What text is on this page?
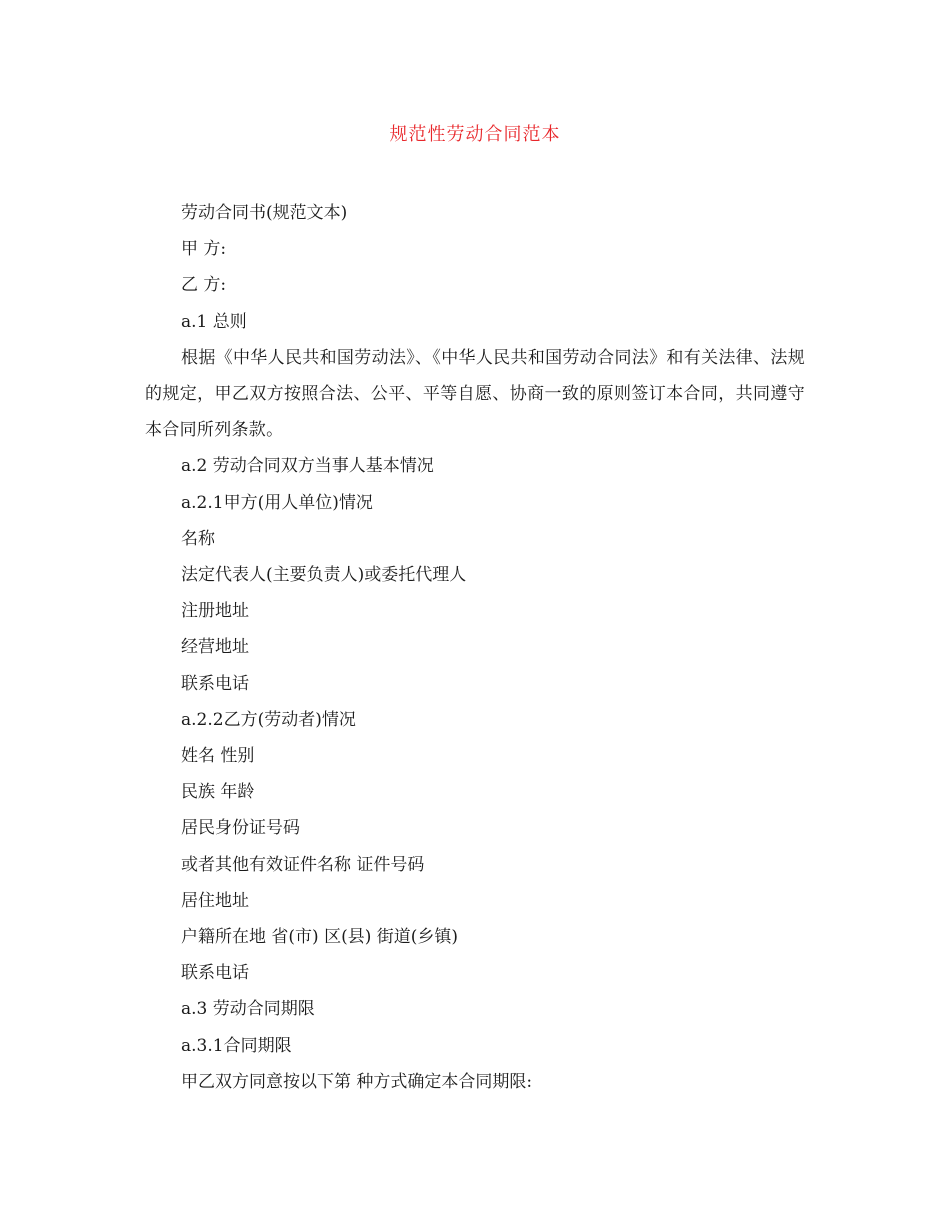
规范性劳动合同范本
劳动合同书(规范文本)
甲 方:
乙 方:
a.1 总则
根据《中华人民共和国劳动法》、《中华人民共和国劳动合同法》和有关法律、法规的规定，甲乙双方按照合法、公平、平等自愿、协商一致的原则签订本合同，共同遵守本合同所列条款。
a.2 劳动合同双方当事人基本情况
a.2.1甲方(用人单位)情况
名称
法定代表人(主要负责人)或委托代理人
注册地址
经营地址
联系电话
a.2.2乙方(劳动者)情况
姓名 性别
民族 年龄
居民身份证号码
或者其他有效证件名称 证件号码
居住地址
户籍所在地 省(市) 区(县) 街道(乡镇)
联系电话
a.3 劳动合同期限
a.3.1合同期限
甲乙双方同意按以下第 种方式确定本合同期限:
